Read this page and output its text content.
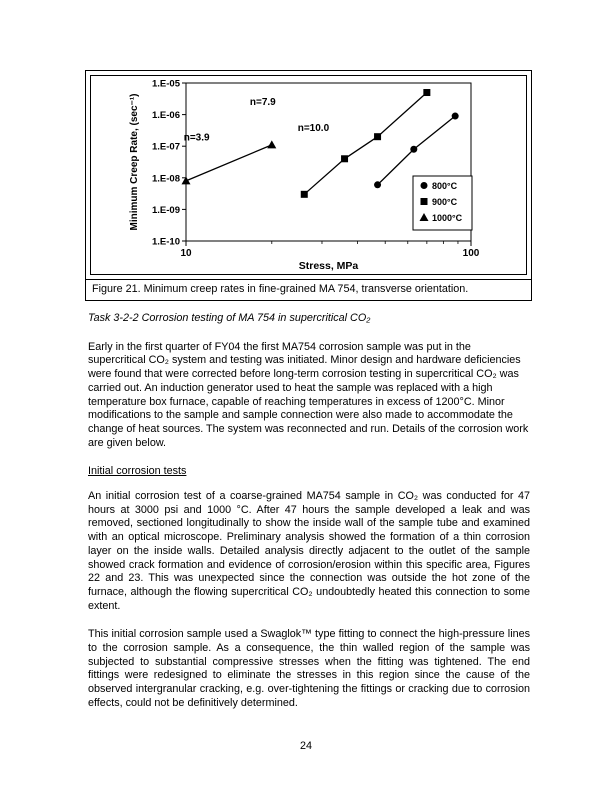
1.E-05
1.E-06
1.E-07
1.E-08
1.E-09
1.E-10
10	100
Stress, MPa
Minimum Creep Rate, (sec⁻¹)	n=3.9
n=7.9
n=10.0
800°C
900°C
1000°C
Figure 21. Minimum creep rates in fine-grained MA 754, transverse orientation.

Task 3-2-2 Corrosion testing of MA 754 in supercritical CO₂

Early in the first quarter of FY04 the first MA754 corrosion sample was put in the supercritical CO₂ system and testing was initiated. Minor design and hardware deficiencies were found that were corrected before long-term corrosion testing in supercritical CO₂ was carried out. An induction generator used to heat the sample was replaced with a high temperature box furnace, capable of reaching temperatures in excess of 1200°C. Minor modifications to the sample and sample connection were also made to accommodate the change of heat sources. The system was reconnected and run. Details of the corrosion work are given below.

Initial corrosion tests

An initial corrosion test of a coarse-grained MA754 sample in CO₂ was conducted for 47 hours at 3000 psi and 1000 °C. After 47 hours the sample developed a leak and was removed, sectioned longitudinally to show the inside wall of the sample tube and examined with an optical microscope. Preliminary analysis showed the formation of a thin corrosion layer on the inside walls. Detailed analysis directly adjacent to the outlet of the sample showed crack formation and evidence of corrosion/erosion within this specific area, Figures 22 and 23. This was unexpected since the connection was outside the hot zone of the furnace, although the flowing supercritical CO₂ undoubtedly heated this connection to some extent.

This initial corrosion sample used a Swaglok™ type fitting to connect the high-pressure lines to the corrosion sample. As a consequence, the thin walled region of the sample was subjected to substantial compressive stresses when the fitting was tightened. The end fittings were redesigned to eliminate the stresses in this region since the cause of the observed intergranular cracking, e.g. over-tightening the fittings or cracking due to corrosion effects, could not be definitively determined.

24
